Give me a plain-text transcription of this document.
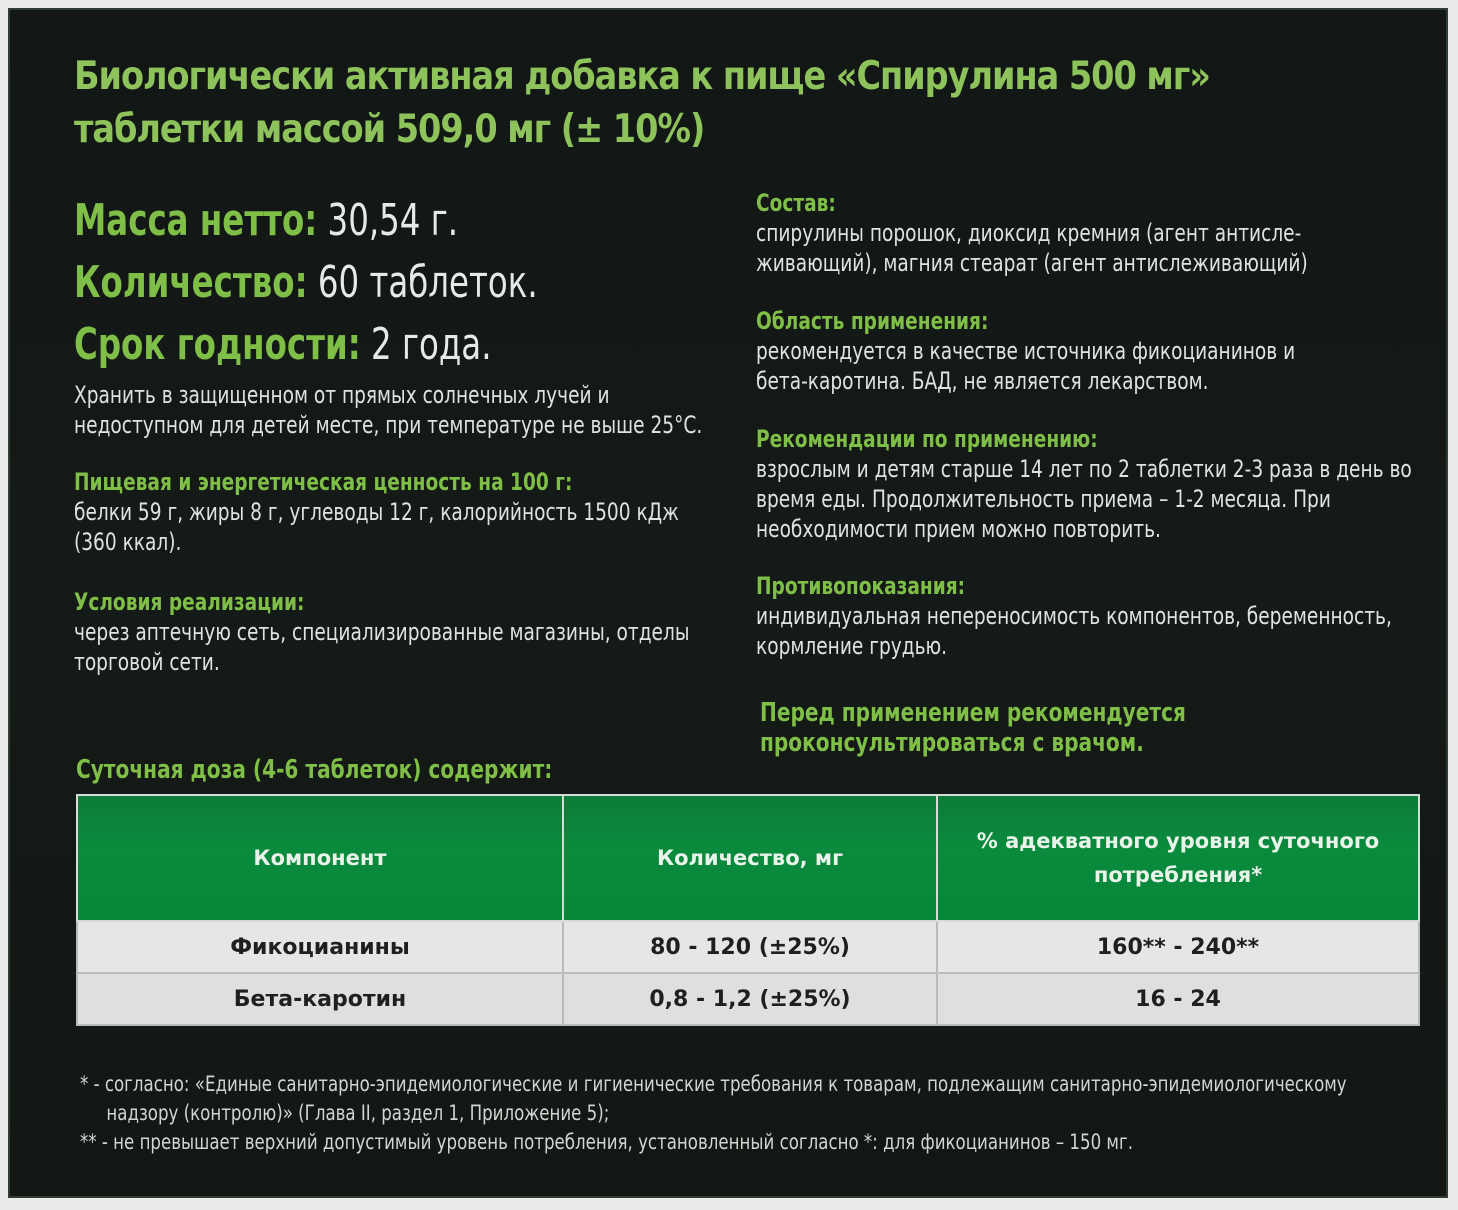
Биологически активная добавка к пище «Спирулина 500 мг»
таблетки массой 509,0 мг (± 10%)
Масса нетто: 30,54 г.
Количество: 60 таблеток.
Срок годности: 2 года.
Хранить в защищенном от прямых солнечных лучей и
недоступном для детей месте, при температуре не выше 25°С.
Пищевая и энергетическая ценность на 100 г:
белки 59 г, жиры 8 г, углеводы 12 г, калорийность 1500 кДж
(360 ккал).
Условия реализации:
через аптечную сеть, специализированные магазины, отделы
торговой сети.
Состав:
спирулины порошок, диоксид кремния (агент антисле-
живающий), магния стеарат (агент антислеживающий)
Область применения:
рекомендуется в качестве источника фикоцианинов и
бета-каротина. БАД, не является лекарством.
Рекомендации по применению:
взрослым и детям старше 14 лет по 2 таблетки 2-3 раза в день во
время еды. Продолжительность приема – 1-2 месяца. При
необходимости прием можно повторить.
Противопоказания:
индивидуальная непереносимость компонентов, беременность,
кормление грудью.
Перед применением рекомендуется
проконсультироваться с врачом.
Суточная доза (4-6 таблеток) содержит:
Компонент	Количество, мг	% адекватного уровня суточного потребления*
Фикоцианины	80 - 120 (±25%)	160** - 240**
Бета-каротин	0,8 - 1,2 (±25%)	16 - 24
* - согласно: «Единые санитарно-эпидемиологические и гигиенические требования к товарам, подлежащим санитарно-эпидемиологическому
надзору (контролю)» (Глава II, раздел 1, Приложение 5);
** - не превышает верхний допустимый уровень потребления, установленный согласно *: для фикоцианинов – 150 мг.
